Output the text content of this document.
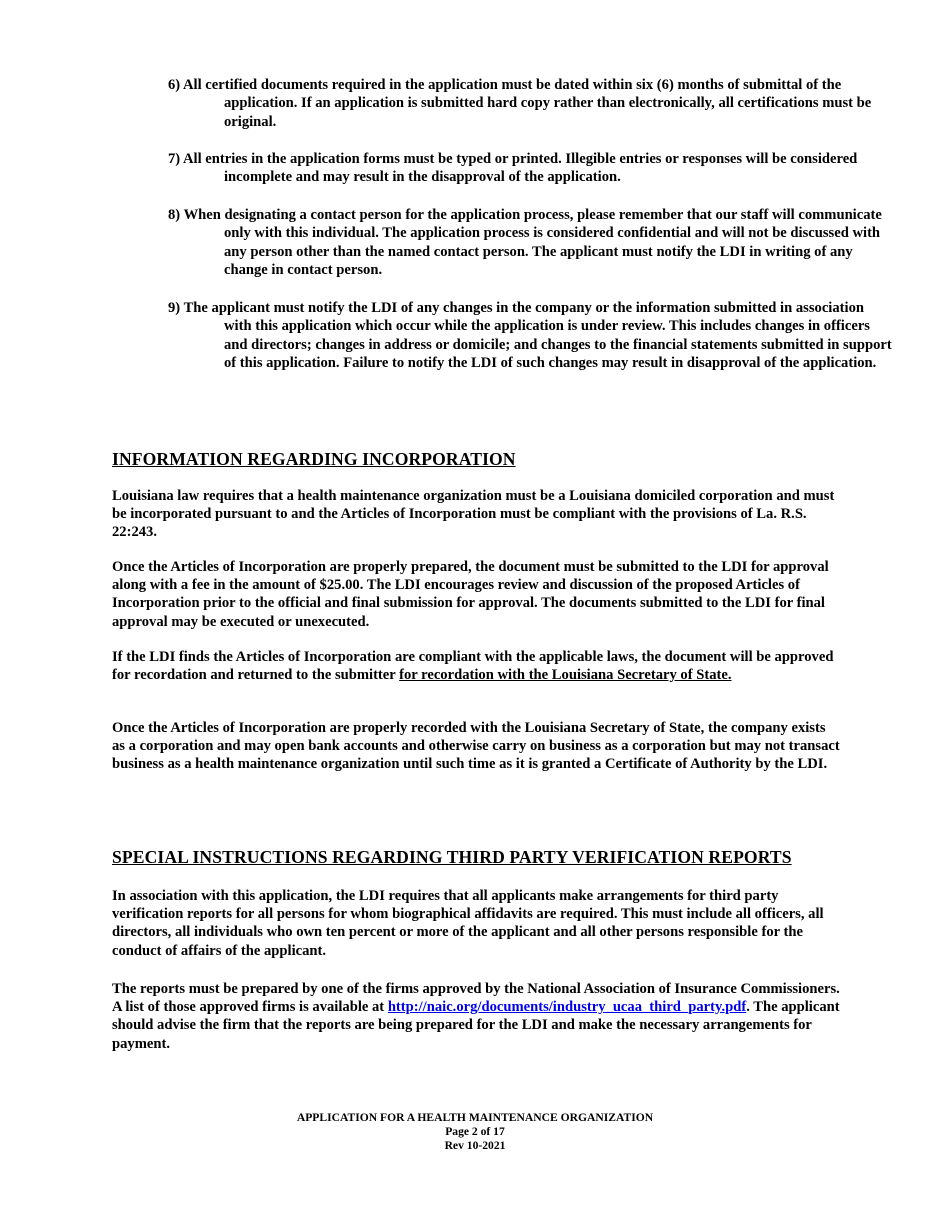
6) All certified documents required in the application must be dated within six (6) months of submittal of the application. If an application is submitted hard copy rather than electronically, all certifications must be original.
7) All entries in the application forms must be typed or printed. Illegible entries or responses will be considered incomplete and may result in the disapproval of the application.
8) When designating a contact person for the application process, please remember that our staff will communicate only with this individual. The application process is considered confidential and will not be discussed with any person other than the named contact person. The applicant must notify the LDI in writing of any change in contact person.
9) The applicant must notify the LDI of any changes in the company or the information submitted in association with this application which occur while the application is under review. This includes changes in officers and directors; changes in address or domicile; and changes to the financial statements submitted in support of this application. Failure to notify the LDI of such changes may result in disapproval of the application.
INFORMATION REGARDING INCORPORATION
Louisiana law requires that a health maintenance organization must be a Louisiana domiciled corporation and must be incorporated pursuant to and the Articles of Incorporation must be compliant with the provisions of La. R.S. 22:243.
Once the Articles of Incorporation are properly prepared, the document must be submitted to the LDI for approval along with a fee in the amount of $25.00. The LDI encourages review and discussion of the proposed Articles of Incorporation prior to the official and final submission for approval. The documents submitted to the LDI for final approval may be executed or unexecuted.
If the LDI finds the Articles of Incorporation are compliant with the applicable laws, the document will be approved for recordation and returned to the submitter for recordation with the Louisiana Secretary of State.
Once the Articles of Incorporation are properly recorded with the Louisiana Secretary of State, the company exists as a corporation and may open bank accounts and otherwise carry on business as a corporation but may not transact business as a health maintenance organization until such time as it is granted a Certificate of Authority by the LDI.
SPECIAL INSTRUCTIONS REGARDING THIRD PARTY VERIFICATION REPORTS
In association with this application, the LDI requires that all applicants make arrangements for third party verification reports for all persons for whom biographical affidavits are required. This must include all officers, all directors, all individuals who own ten percent or more of the applicant and all other persons responsible for the conduct of affairs of the applicant.
The reports must be prepared by one of the firms approved by the National Association of Insurance Commissioners. A list of those approved firms is available at http://naic.org/documents/industry_ucaa_third_party.pdf. The applicant should advise the firm that the reports are being prepared for the LDI and make the necessary arrangements for payment.
APPLICATION FOR A HEALTH MAINTENANCE ORGANIZATION
Page 2 of 17
Rev 10-2021
